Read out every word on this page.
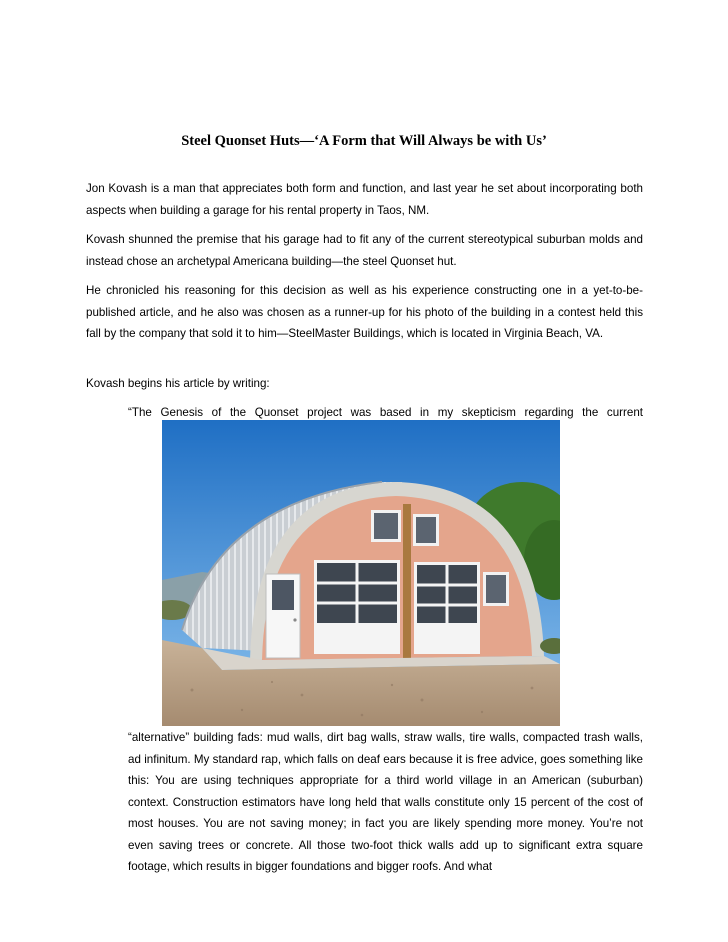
Steel Quonset Huts—‘A Form that Will Always be with Us’

Jon Kovash is a man that appreciates both form and function, and last year he set about incorporating both aspects when building a garage for his rental property in Taos, NM.

Kovash shunned the premise that his garage had to fit any of the current stereotypical suburban molds and instead chose an archetypal Americana building—the steel Quonset hut.

He chronicled his reasoning for this decision as well as his experience constructing one in a yet-to-be-published article, and he also was chosen as a runner-up for his photo of the building in a contest held this fall by the company that sold it to him—SteelMaster Buildings, which is located in Virginia Beach, VA.

Kovash begins his article by writing:

“The Genesis of the Quonset project was based in my skepticism regarding the current

“alternative” building fads: mud walls, dirt bag walls, straw walls, tire walls, compacted trash walls, ad infinitum. My standard rap, which falls on deaf ears because it is free advice, goes something like this: You are using techniques appropriate for a third world village in an American (suburban) context. Construction estimators have long held that walls constitute only 15 percent of the cost of most houses. You are not saving money; in fact you are likely spending more money. You’re not even saving trees or concrete. All those two-foot thick walls add up to significant extra square footage, which results in bigger foundations and bigger roofs. And what
